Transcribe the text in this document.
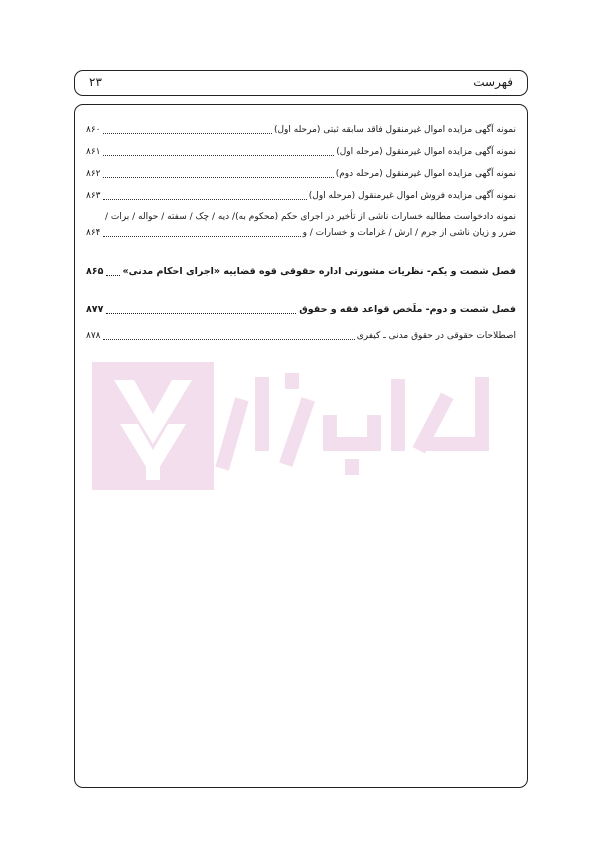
فهرست
۲۳
نمونه آگهی مزایده اموال غیرمنقول فاقد سابقه ثبتی (مرحله اول)
۸۶۰
نمونه آگهی مزایده اموال غیرمنقول (مرحله اول)
۸۶۱
نمونه آگهی مزایده اموال غیرمنقول (مرحله دوم)
۸۶۲
نمونه آگهی مزایده فروش اموال غیرمنقول (مرحله اول)
۸۶۳
نمونه دادخواست مطالبه خسارات ناشی از تأخیر در اجرای حکم (محکوم به)/ دیه / چک / سفته / حواله / برات /
ضرر و زیان ناشی از جرم / ارش / غرامات و خسارات / و
۸۶۴
فصل شصت و یکم- نظریات مشورتی اداره حقوقی قوه قضاییه «اجرای احکام مدنی»
۸۶۵
فصل شصت و دوم- ملَخص قواعد فقه و حقوق
۸۷۷
اصطلاحات حقوقی در حقوق مدنی ـ کیفری
۸۷۸
